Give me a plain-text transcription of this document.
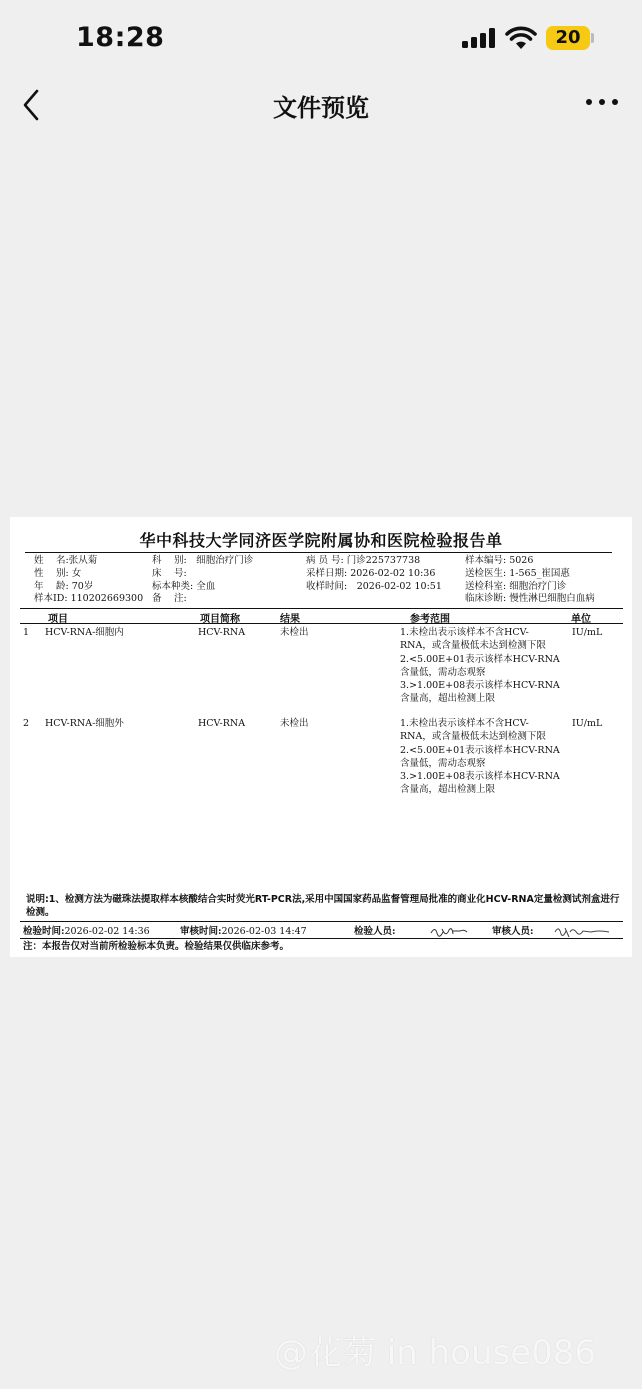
18:28	20
文件预览
华中科技大学同济医学院附属协和医院检验报告单
姓　 名:张从菊
性　 别: 女
年　 龄: 70岁
样本ID: 110202669300
科　 别:　细胞治疗门诊
床　 号:
标本种类: 全血
备　 注:
病 员 号: 门诊225737738
采样日期: 2026-02-02 10:36
收样时间:　2026-02-02 10:51
样本编号: 5026
送检医生: 1-565_崔国惠
送检科室: 细胞治疗门诊
临床诊断: 慢性淋巴细胞白血病
项目	项目简称	结果	参考范围	单位
1 HCV-RNA-细胞内	HCV-RNA	未检出	1.未检出表示该样本不含HCV-RNA，或含量极低未达到检测下限
2.<5.00E+01表示该样本HCV-RNA含量低，需动态观察
3.>1.00E+08表示该样本HCV-RNA含量高，超出检测上限
IU/mL
2 HCV-RNA-细胞外	HCV-RNA	未检出	1.未检出表示该样本不含HCV-RNA，或含量极低未达到检测下限
2.<5.00E+01表示该样本HCV-RNA含量低，需动态观察
3.>1.00E+08表示该样本HCV-RNA含量高，超出检测上限
IU/mL
说明:1、检测方法为磁珠法提取样本核酸结合实时荧光RT-PCR法,采用中国国家药品监督管理局批准的商业化HCV-RNA定量检测试剂盒进行检测。
检验时间:2026-02-02 14:36	审核时间:2026-02-03 14:47	检验人员:	审核人员:
注：本报告仅对当前所检验标本负责。检验结果仅供临床参考。
@花菊 in house086
